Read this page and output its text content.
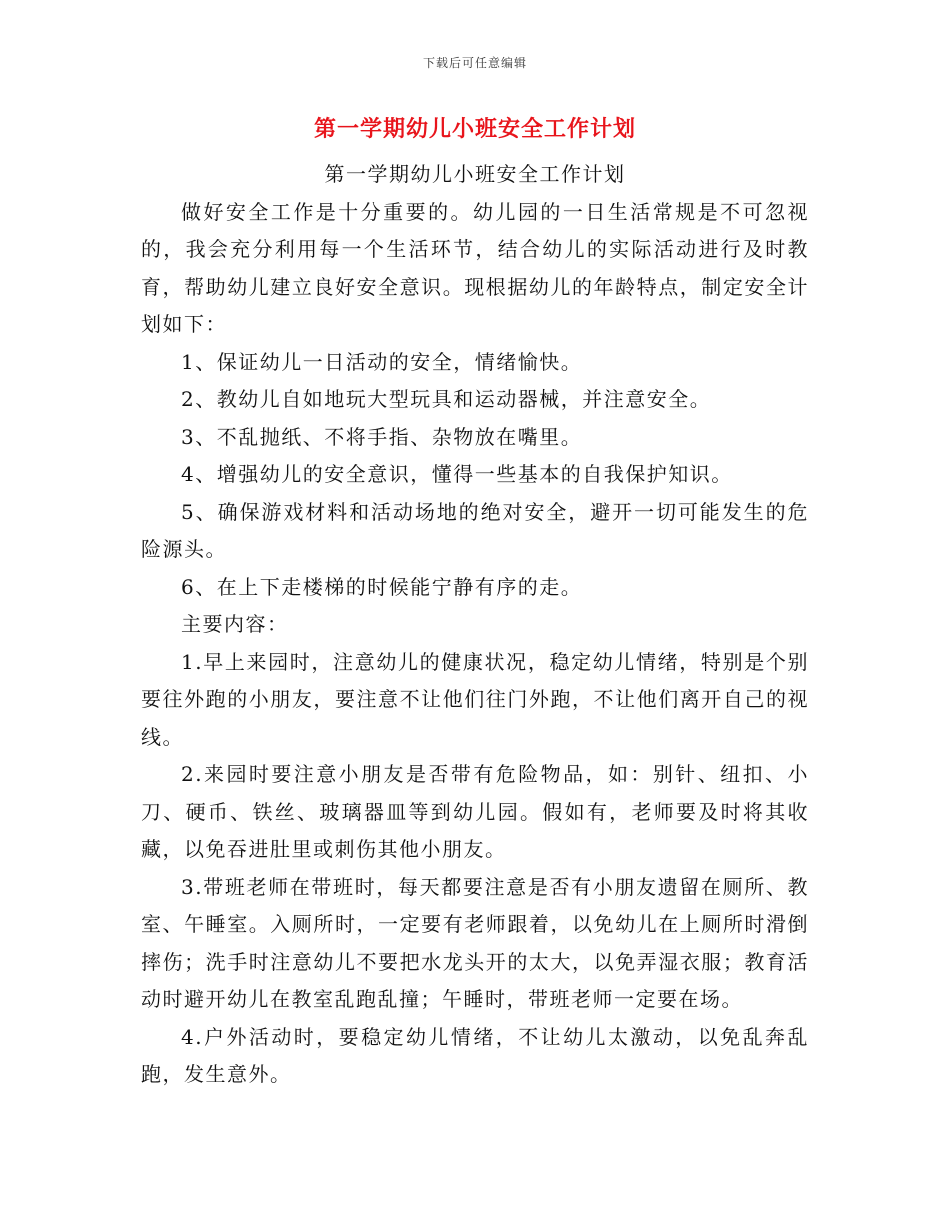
下载后可任意编辑
第一学期幼儿小班安全工作计划

第一学期幼儿小班安全工作计划

做好安全工作是十分重要的。幼儿园的一日生活常规是不可忽视的，我会充分利用每一个生活环节，结合幼儿的实际活动进行及时教育，帮助幼儿建立良好安全意识。现根据幼儿的年龄特点，制定安全计划如下：

1、保证幼儿一日活动的安全，情绪愉快。

2、教幼儿自如地玩大型玩具和运动器械，并注意安全。

3、不乱抛纸、不将手指、杂物放在嘴里。

4、增强幼儿的安全意识，懂得一些基本的自我保护知识。

5、确保游戏材料和活动场地的绝对安全，避开一切可能发生的危险源头。

6、在上下走楼梯的时候能宁静有序的走。

主要内容：

1.早上来园时，注意幼儿的健康状况，稳定幼儿情绪，特别是个别要往外跑的小朋友，要注意不让他们往门外跑，不让他们离开自己的视线。

2.来园时要注意小朋友是否带有危险物品，如：别针、纽扣、小刀、硬币、铁丝、玻璃器皿等到幼儿园。假如有，老师要及时将其收藏，以免吞进肚里或刺伤其他小朋友。

3.带班老师在带班时，每天都要注意是否有小朋友遗留在厕所、教室、午睡室。入厕所时，一定要有老师跟着，以免幼儿在上厕所时滑倒摔伤；洗手时注意幼儿不要把水龙头开的太大，以免弄湿衣服；教育活动时避开幼儿在教室乱跑乱撞；午睡时，带班老师一定要在场。

4.户外活动时，要稳定幼儿情绪，不让幼儿太激动，以免乱奔乱跑，发生意外。
